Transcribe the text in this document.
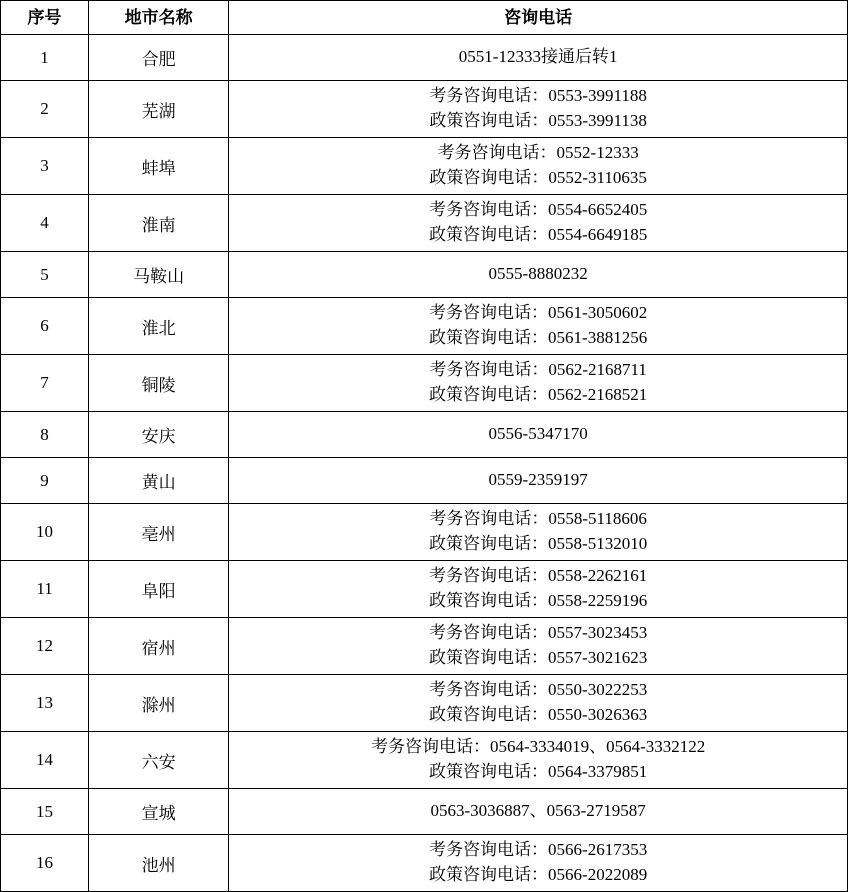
序号	地市名称	咨询电话
1	合肥	0551-12333接通后转1

2	芜湖	考务咨询电话：0553-3991188
政策咨询电话：0553-3991138

3	蚌埠	考务咨询电话：0552-12333
政策咨询电话：0552-3110635

4	淮南	考务咨询电话：0554-6652405
政策咨询电话：0554-6649185

5	马鞍山	0555-8880232

6	淮北	考务咨询电话：0561-3050602
政策咨询电话：0561-3881256

7	铜陵	考务咨询电话：0562-2168711
政策咨询电话：0562-2168521

8	安庆	0556-5347170

9	黄山	0559-2359197

10	亳州	考务咨询电话：0558-5118606
政策咨询电话：0558-5132010

11	阜阳	考务咨询电话：0558-2262161
政策咨询电话：0558-2259196

12	宿州	考务咨询电话：0557-3023453
政策咨询电话：0557-3021623

13	滁州	考务咨询电话：0550-3022253
政策咨询电话：0550-3026363

14	六安	考务咨询电话：0564-3334019、0564-3332122
政策咨询电话：0564-3379851

15	宣城	0563-3036887、0563-2719587

16	池州	考务咨询电话：0566-2617353
政策咨询电话：0566-2022089
